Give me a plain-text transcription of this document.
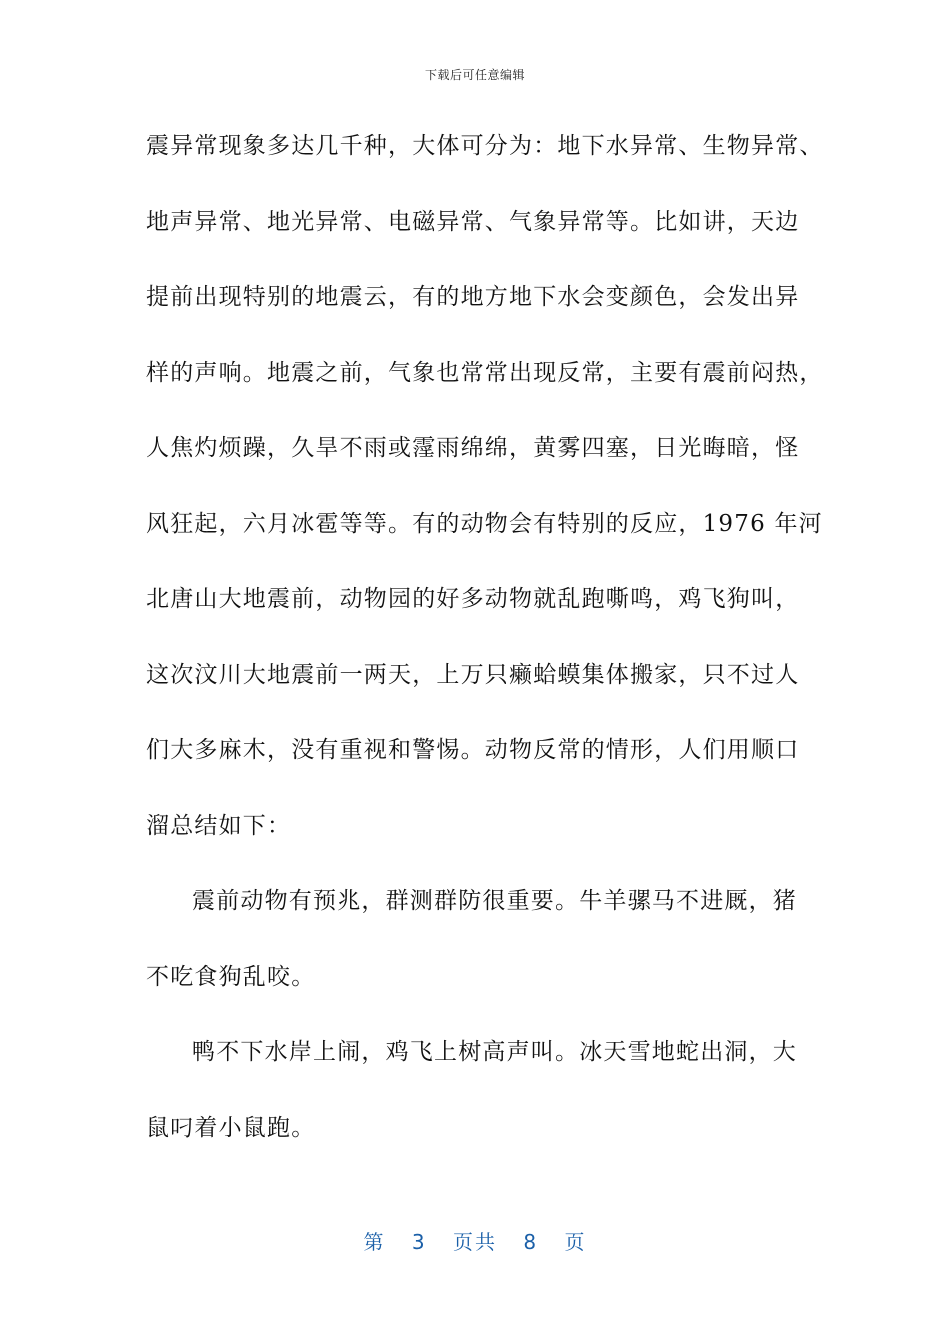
下载后可任意编辑
震异常现象多达几千种，大体可分为：地下水异常、生物异常、
地声异常、地光异常、电磁异常、气象异常等。比如讲，天边
提前出现特别的地震云，有的地方地下水会变颜色，会发出异
样的声响。地震之前，气象也常常出现反常，主要有震前闷热，
人焦灼烦躁，久旱不雨或霪雨绵绵，黄雾四塞，日光晦暗，怪
风狂起，六月冰雹等等。有的动物会有特别的反应，1976 年河
北唐山大地震前，动物园的好多动物就乱跑嘶鸣，鸡飞狗叫，
这次汶川大地震前一两天，上万只癞蛤蟆集体搬家，只不过人
们大多麻木，没有重视和警惕。动物反常的情形，人们用顺口
溜总结如下：
震前动物有预兆，群测群防很重要。牛羊骡马不进厩，猪
不吃食狗乱咬。
鸭不下水岸上闹，鸡飞上树高声叫。冰天雪地蛇出洞，大
鼠叼着小鼠跑。
第 3 页共 8 页
